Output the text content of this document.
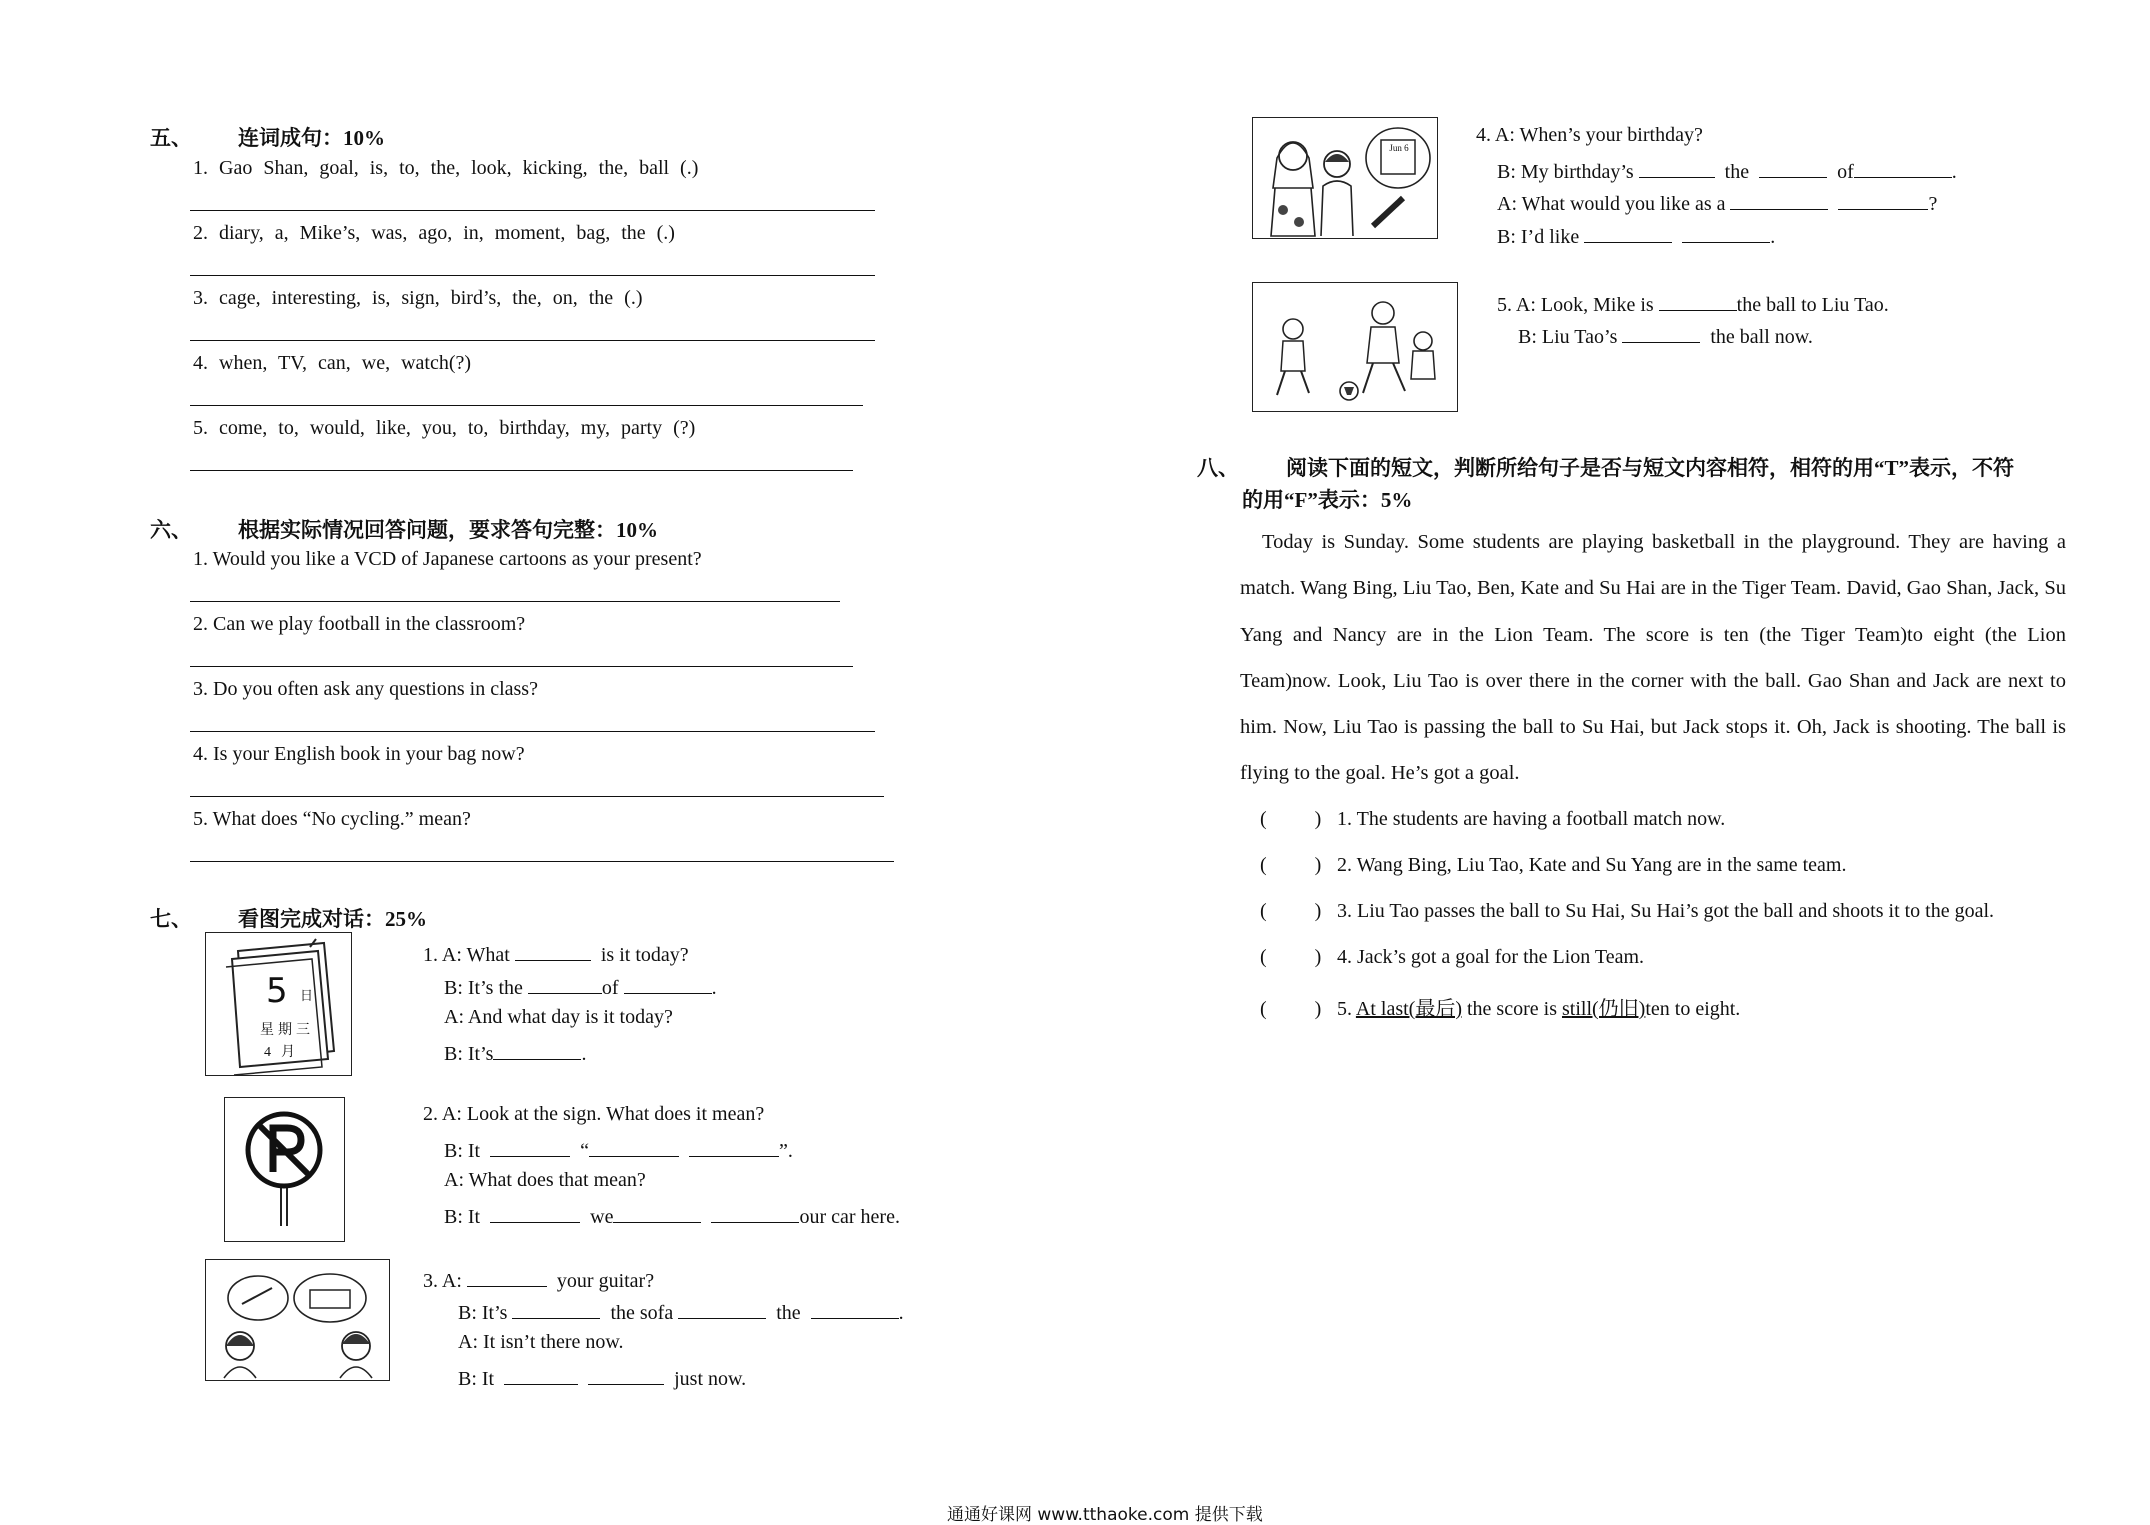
五、 连词成句：10%
1. Gao Shan, goal, is, to, the, look, kicking, the, ball (.)
2. diary, a, Mike’s, was, ago, in, moment, bag, the (.)
3. cage, interesting, is, sign, bird’s, the, on, the (.)
4. when, TV, can, we, watch(?)
5. come, to, would, like, you, to, birthday, my, party (?)
六、 根据实际情况回答问题，要求答句完整：10%
1. Would you like a VCD of Japanese cartoons as your present?
2. Can we play football in the classroom?
3. Do you often ask any questions in class?
4. Is your English book in your bag now?
5. What does “No cycling.” mean?
七、 看图完成对话：25%
5 日
星期三
4月
1. A: What	is it today?
B: It’s the	of	.
A: And what day is it today?
B: It’s	.
2. A: Look at the sign. What does it mean?
B: It	“	”.
A: What does that mean?
B: It	we	our car here.
3. A:	your guitar?
B: It’s	the sofa	the	.
A: It isn’t there now.
B: It	just now.
Jun 6
4. A: When’s your birthday?
B: My birthday’s	the	of	.
A: What would you like as a	?
B: I’d like	.
5. A: Look, Mike is	the ball to Liu Tao.
B: Liu Tao’s	the ball now.
八、 阅读下面的短文，判断所给句子是否与短文内容相符，相符的用“T”表示，不符
的用“F”表示：5%
Today is Sunday. Some students are playing basketball in the playground. They are having a match. Wang Bing, Liu Tao, Ben, Kate and Su Hai are in the Tiger Team. David, Gao Shan, Jack, Su Yang and Nancy are in the Lion Team. The score is ten (the Tiger Team)to eight (the Lion Team)now. Look, Liu Tao is over there in the corner with the ball. Gao Shan and Jack are next to him. Now, Liu Tao is passing the ball to Su Hai, but Jack stops it. Oh, Jack is shooting. The ball is flying to the goal. He’s got a goal.
( ) 1. The students are having a football match now.
( ) 2. Wang Bing, Liu Tao, Kate and Su Yang are in the same team.
( ) 3. Liu Tao passes the ball to Su Hai, Su Hai’s got the ball and shoots it to the goal.
( ) 4. Jack’s got a goal for the Lion Team.
( ) 5. At last(最后) the score is still(仍旧)ten to eight.
通通好课网 www.tthaoke.com 提供下载
